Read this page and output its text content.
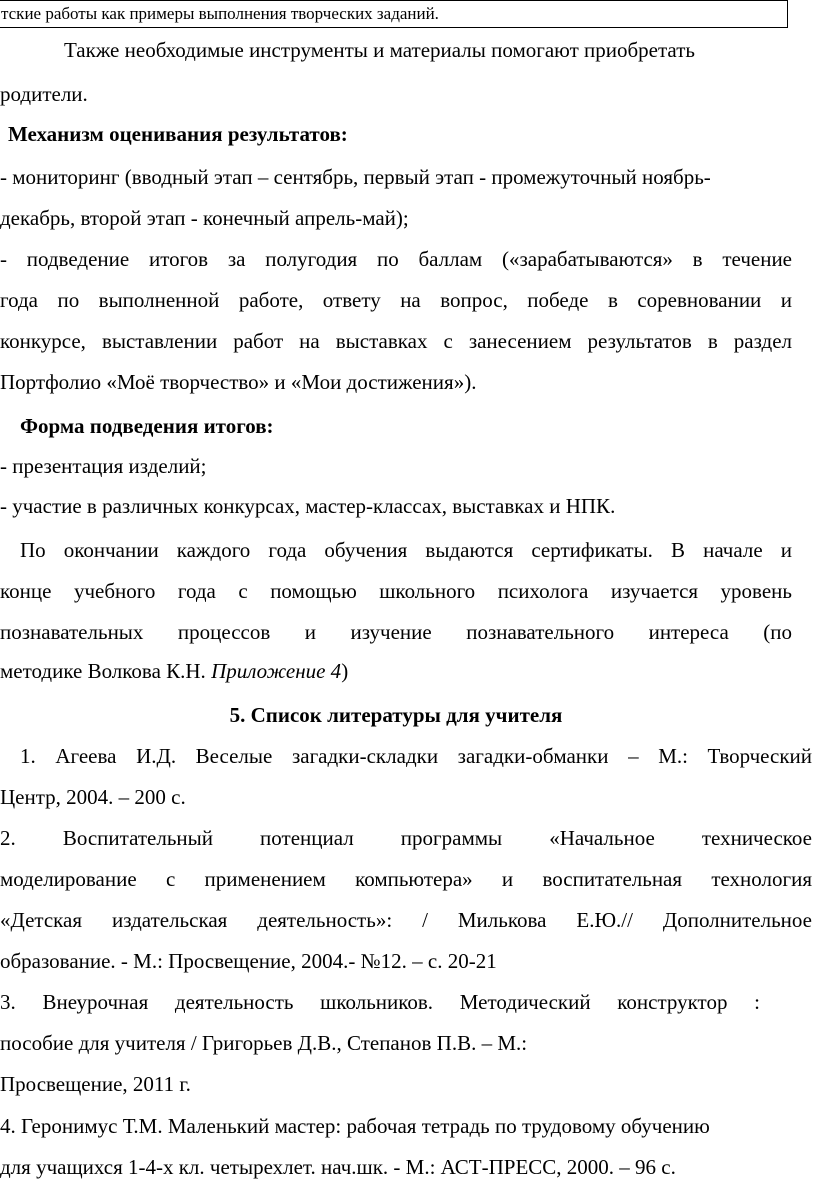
тские работы как примеры выполнения творческих заданий.
Также необходимые инструменты и материалы помогают приобретать
родители.
Механизм оценивания результатов:
- мониторинг (вводный этап – сентябрь, первый этап - промежуточный ноябрь-
декабрь, второй этап - конечный апрель-май);
- подведение итогов за полугодия по баллам («зарабатываются» в течение
года по выполненной работе, ответу на вопрос, победе в соревновании и
конкурсе, выставлении работ на выставках с занесением результатов в раздел
Портфолио «Моё творчество» и «Мои достижения»).
Форма подведения итогов:
- презентация изделий;
- участие в различных конкурсах, мастер-классах, выставках и НПК.
По окончании каждого года обучения выдаются сертификаты. В начале и
конце учебного года с помощью школьного психолога изучается уровень
познавательных процессов и изучение познавательного интереса (по
методике Волкова К.Н. Приложение 4)
5. Список литературы для учителя
1. Агеева И.Д. Веселые загадки-складки загадки-обманки – М.: Творческий
Центр, 2004. – 200 с.
2. Воспитательный потенциал программы «Начальное техническое
моделирование с применением компьютера» и воспитательная технология
«Детская издательская деятельность»: / Милькова Е.Ю.// Дополнительное
образование. - М.: Просвещение, 2004.- №12. – с. 20-21
3. Внеурочная деятельность школьников. Методический конструктор :
пособие для учителя / Григорьев Д.В., Степанов П.В. – М.:
Просвещение, 2011 г.
4. Геронимус Т.М. Маленький мастер: рабочая тетрадь по трудовому обучению
для учащихся 1-4-х кл. четырехлет. нач.шк. - М.: АСТ-ПРЕСС, 2000. – 96 с.
